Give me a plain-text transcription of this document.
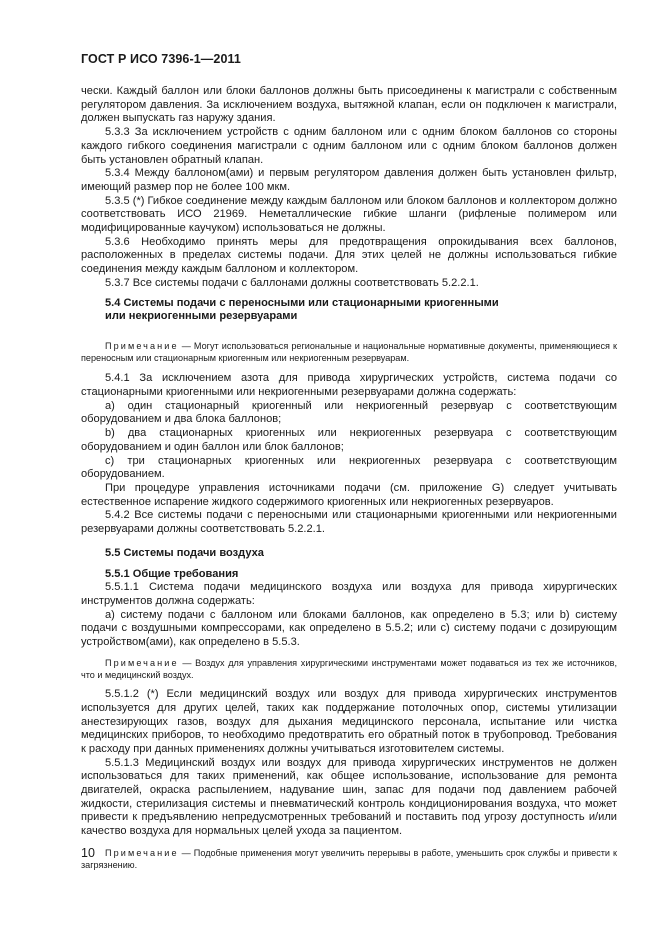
ГОСТ Р ИСО 7396-1—2011

чески. Каждый баллон или блоки баллонов должны быть присоединены к магистрали с собственным регулятором давления. За исключением воздуха, вытяжной клапан, если он подключен к магистрали, должен выпускать газ наружу здания.

5.3.3 За исключением устройств с одним баллоном или с одним блоком баллонов со стороны каждого гибкого соединения магистрали с одним баллоном или с одним блоком баллонов должен быть установлен обратный клапан.

5.3.4 Между баллоном(ами) и первым регулятором давления должен быть установлен фильтр, имеющий размер пор не более 100 мкм.

5.3.5 (*) Гибкое соединение между каждым баллоном или блоком баллонов и коллектором должно соответствовать ИСО 21969. Неметаллические гибкие шланги (рифленые полимером или модифицированные каучуком) использоваться не должны.

5.3.6 Необходимо принять меры для предотвращения опрокидывания всех баллонов, расположенных в пределах системы подачи. Для этих целей не должны использоваться гибкие соединения между каждым баллоном и коллектором.

5.3.7 Все системы подачи с баллонами должны соответствовать 5.2.2.1.

5.4 Системы подачи с переносными или стационарными криогенными

или некриогенными резервуарами

Примечание — Могут использоваться региональные и национальные нормативные документы, применяющиеся к переносным или стационарным криогенным или некриогенным резервуарам.

5.4.1 За исключением азота для привода хирургических устройств, система подачи со стационарными криогенными или некриогенными резервуарами должна содержать:

a) один стационарный криогенный или некриогенный резервуар с соответствующим оборудованием и два блока баллонов;

b) два стационарных криогенных или некриогенных резервуара с соответствующим оборудованием и один баллон или блок баллонов;

c) три стационарных криогенных или некриогенных резервуара с соответствующим оборудованием.

При процедуре управления источниками подачи (см. приложение G) следует учитывать естественное испарение жидкого содержимого криогенных или некриогенных резервуаров.

5.4.2 Все системы подачи с переносными или стационарными криогенными или некриогенными резервуарами должны соответствовать 5.2.2.1.

5.5 Системы подачи воздуха

5.5.1 Общие требования

5.5.1.1 Система подачи медицинского воздуха или воздуха для привода хирургических инструментов должна содержать:

a) систему подачи с баллоном или блоками баллонов, как определено в 5.3; или b) систему подачи с воздушными компрессорами, как определено в 5.5.2; или c) систему подачи с дозирующим устройством(ами), как определено в 5.5.3.

Примечание — Воздух для управления хирургическими инструментами может подаваться из тех же источников, что и медицинский воздух.

5.5.1.2 (*) Если медицинский воздух или воздух для привода хирургических инструментов используется для других целей, таких как поддержание потолочных опор, системы утилизации анестезирующих газов, воздух для дыхания медицинского персонала, испытание или чистка медицинских приборов, то необходимо предотвратить его обратный поток в трубопровод. Требования к расходу при данных применениях должны учитываться изготовителем системы.

5.5.1.3 Медицинский воздух или воздух для привода хирургических инструментов не должен использоваться для таких применений, как общее использование, использование для ремонта двигателей, окраска распылением, надувание шин, запас для подачи под давлением рабочей жидкости, стерилизация системы и пневматический контроль кондиционирования воздуха, что может привести к предъявлению непредусмотренных требований и поставить под угрозу доступность и/или качество воздуха для нормальных целей ухода за пациентом.

Примечание — Подобные применения могут увеличить перерывы в работе, уменьшить срок службы и привести к загрязнению.

10
